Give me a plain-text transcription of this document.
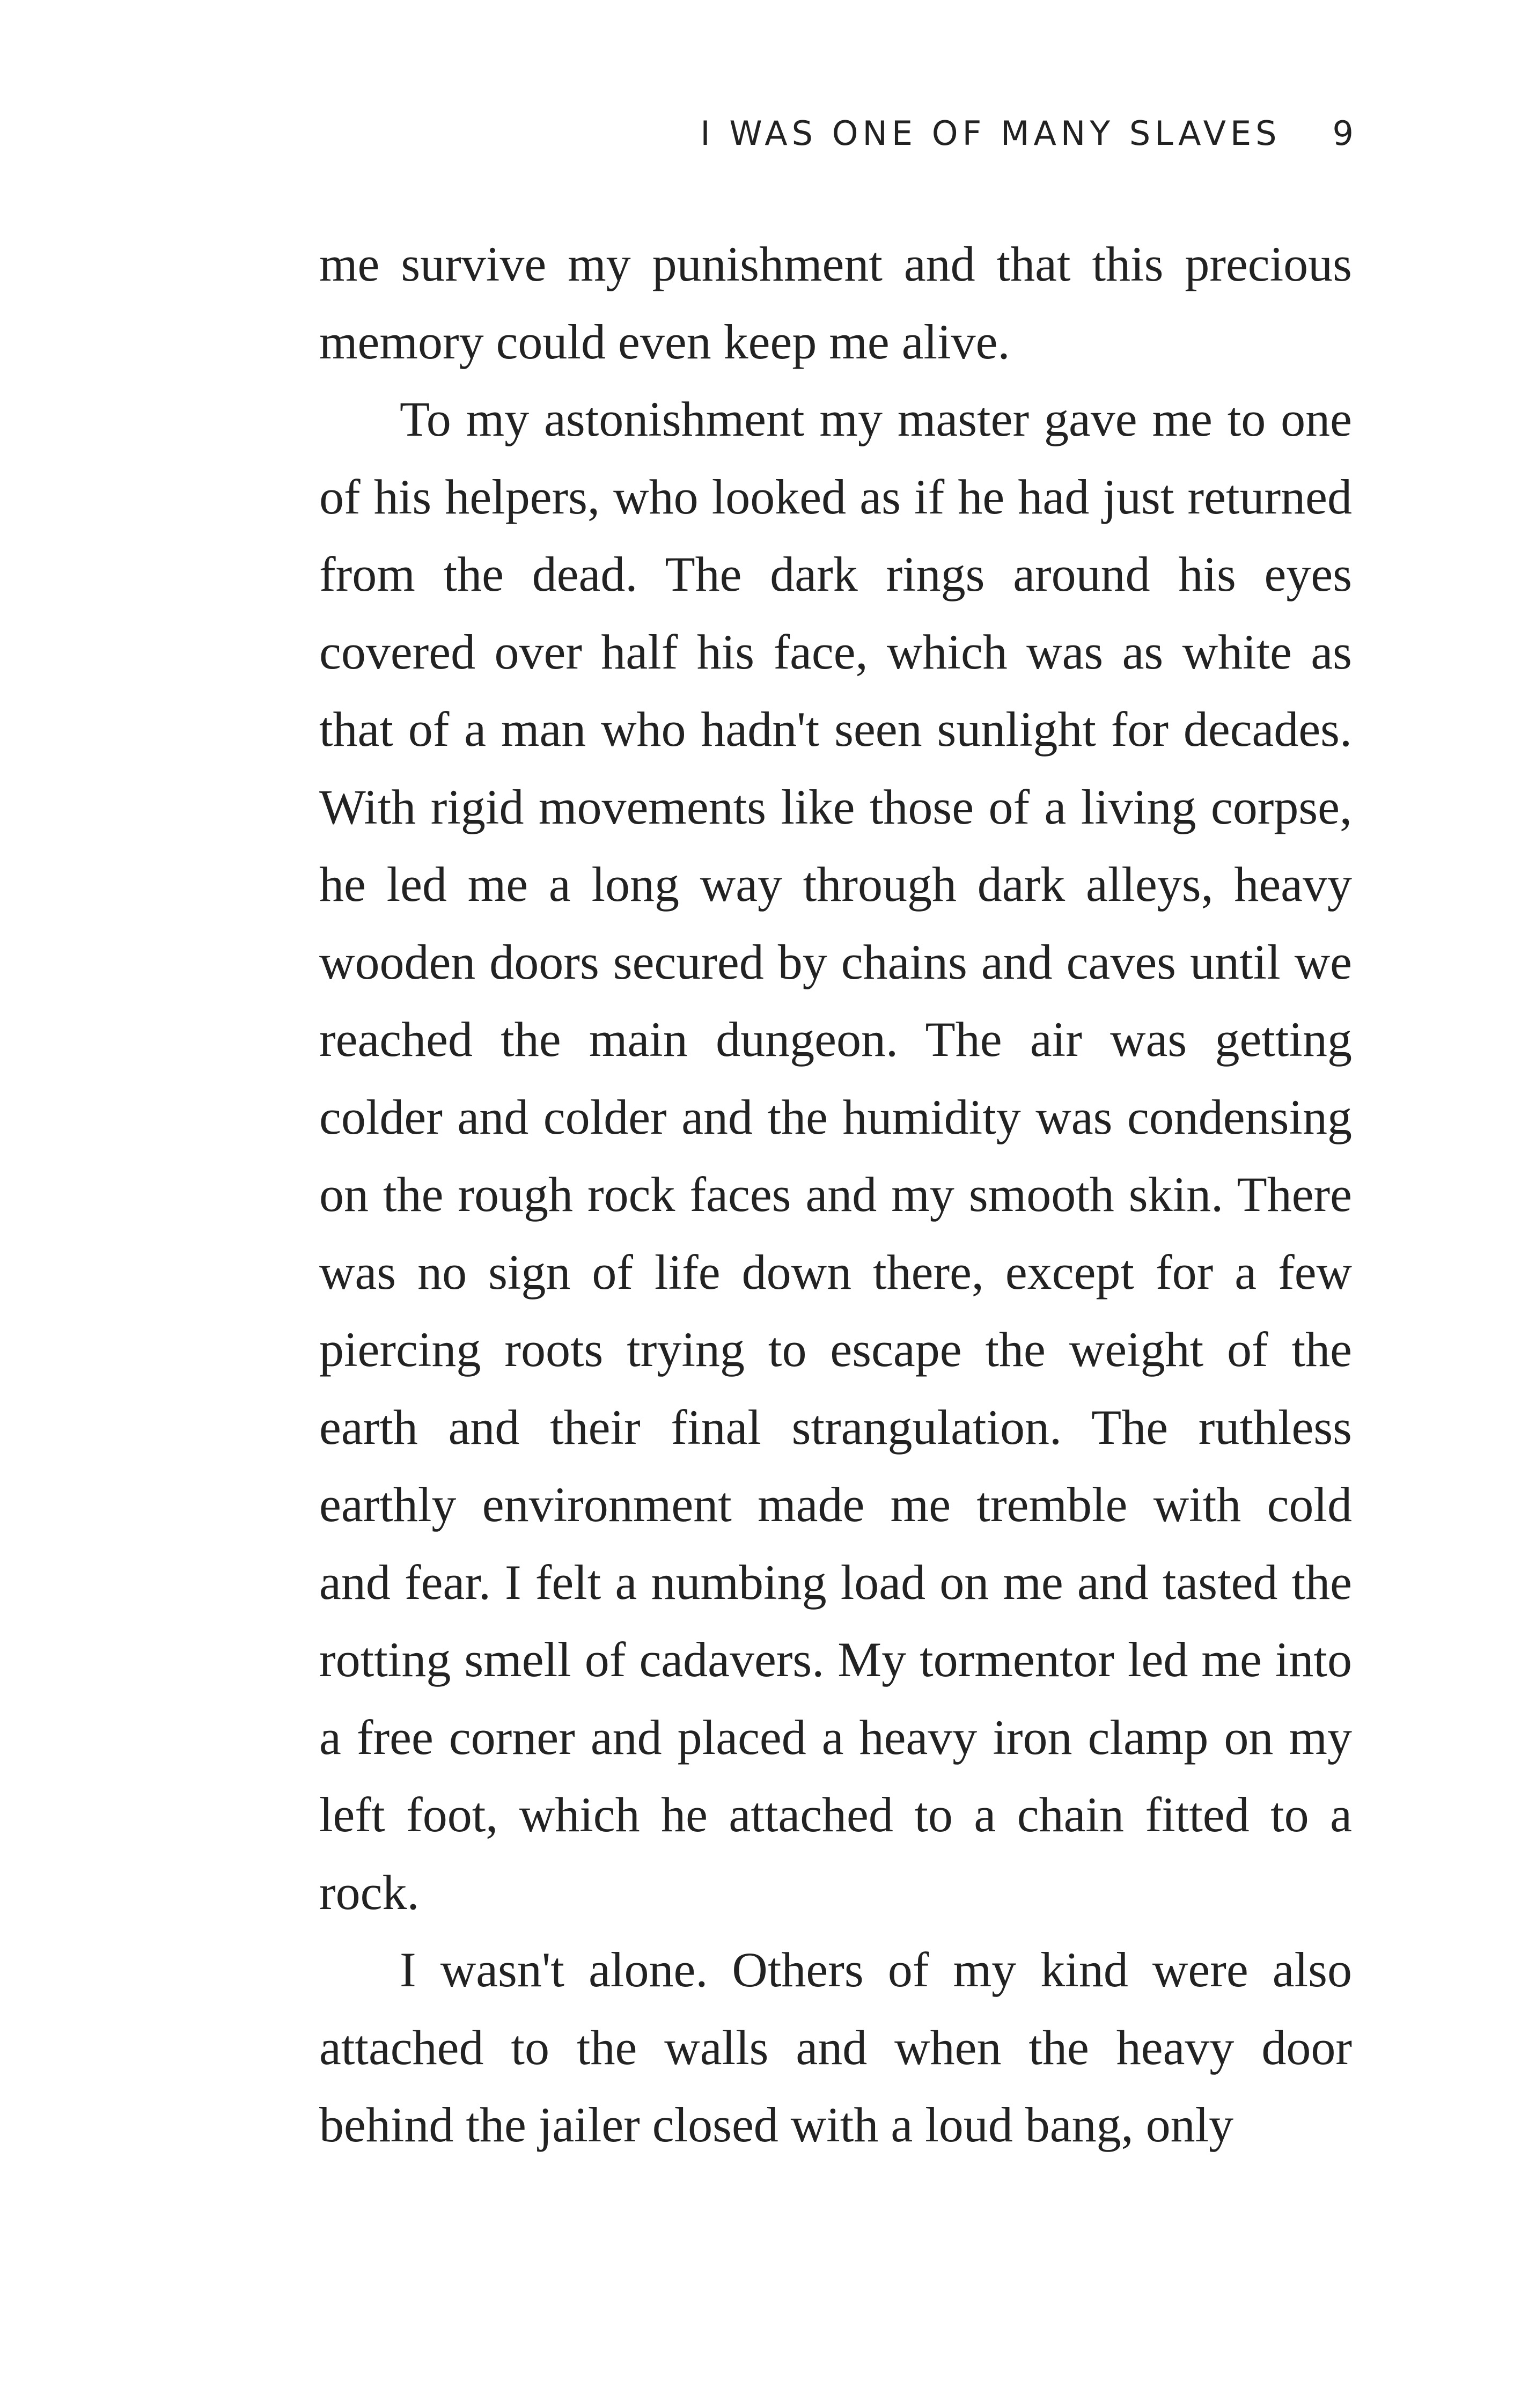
I WAS ONE OF MANY SLAVES 9

me survive my punishment and that this precious memory could even keep me alive.

To my astonishment my master gave me to one of his helpers, who looked as if he had just returned from the dead. The dark rings around his eyes covered over half his face, which was as white as that of a man who hadn't seen sunlight for decades. With rigid movements like those of a living corpse, he led me a long way through dark alleys, heavy wooden doors secured by chains and caves until we reached the main dungeon. The air was getting colder and colder and the humidity was condensing on the rough rock faces and my smooth skin. There was no sign of life down there, except for a few piercing roots trying to escape the weight of the earth and their final strangulation. The ruthless earthly environment made me tremble with cold and fear. I felt a numbing load on me and tasted the rotting smell of cadavers. My tormentor led me into a free corner and placed a heavy iron clamp on my left foot, which he attached to a chain fitted to a rock.

I wasn't alone. Others of my kind were also attached to the walls and when the heavy door behind the jailer closed with a loud bang, only
